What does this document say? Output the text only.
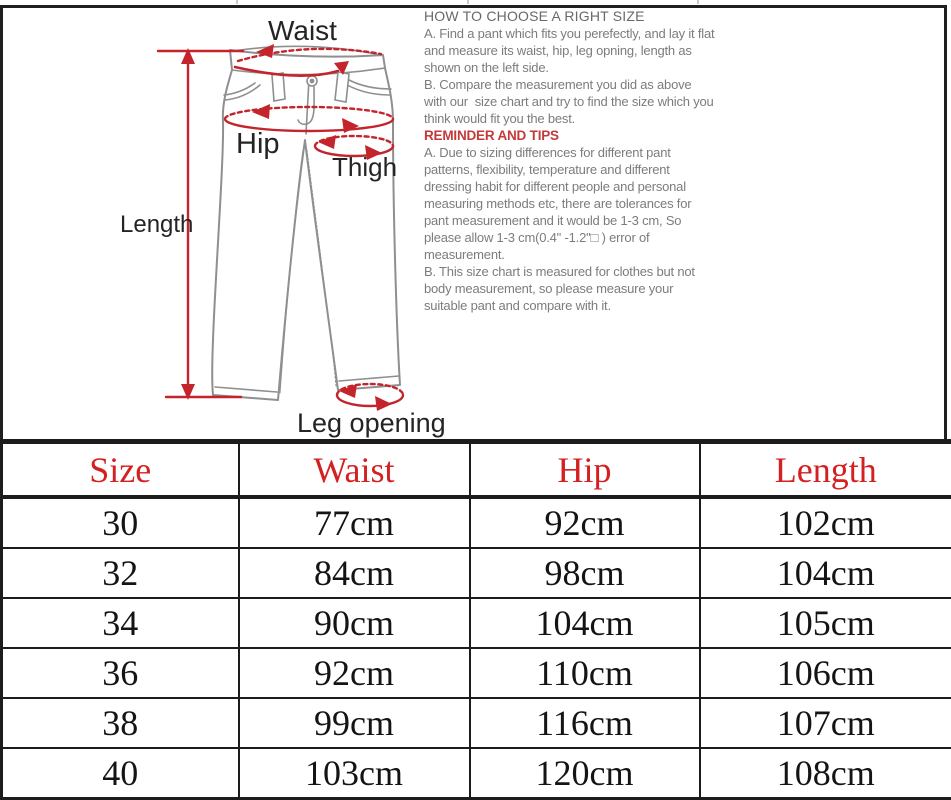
Waist
Hip
Thigh
Length
Leg opening

HOW TO CHOOSE A RIGHT SIZE

A. Find a pant which fits you perefectly, and lay it flat and measure its waist, hip, leg opning, length as shown on the left side.

B. Compare the measurement you did as above with our  size chart and try to find the size which you think would fit you the best.

REMINDER AND TIPS

A. Due to sizing differences for different pant patterns, flexibility, temperature and different dressing habit for different people and personal measuring methods etc, there are tolerances for pant measurement and it would be 1-3 cm, So please allow 1-3 cm(0.4" -1.2"□ ) error of measurement.

B. This size chart is measured for clothes but not body measurement, so please measure your suitable pant and compare with it.

Size	Waist	Hip	Length
30	77cm	92cm	102cm
32	84cm	98cm	104cm
34	90cm	104cm	105cm
36	92cm	110cm	106cm
38	99cm	116cm	107cm
40	103cm	120cm	108cm
